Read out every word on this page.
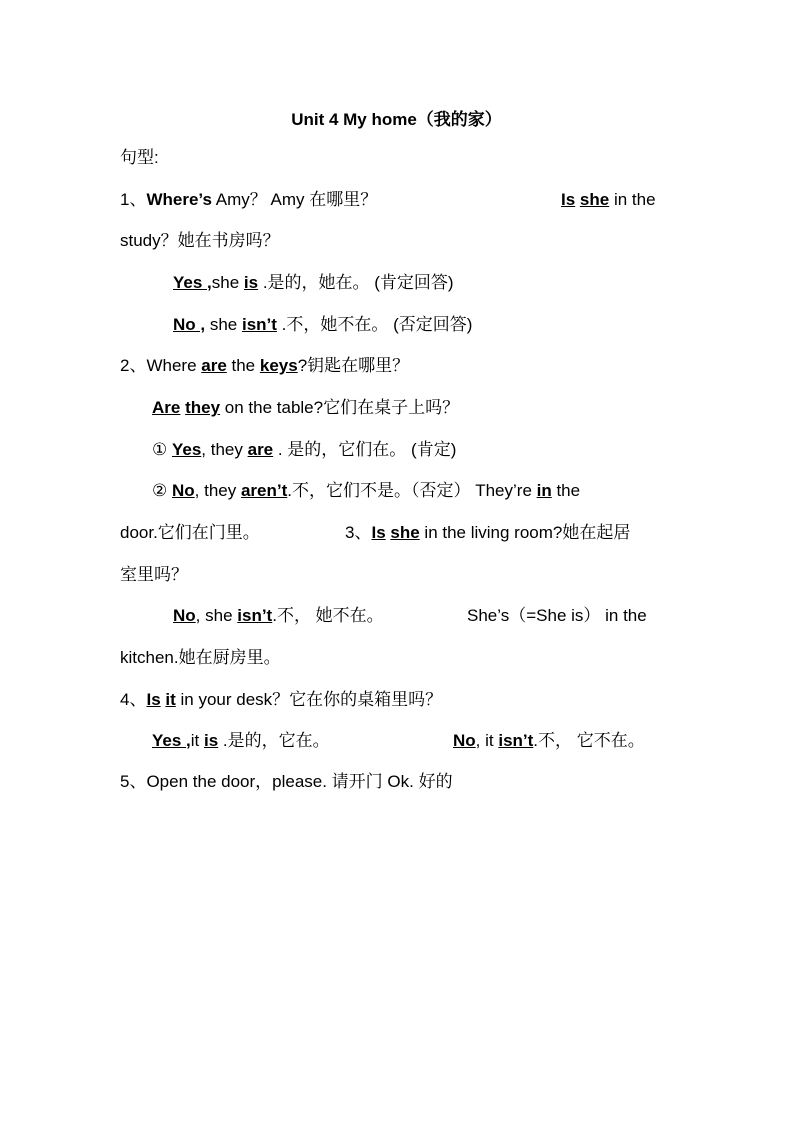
Unit 4 My home（我的家）
句型:
1、Where’s Amy？ Amy 在哪里？	Is she in the
study？她在书房吗？
Yes ,she is .是的，她在。 (肯定回答)
No , she isn’t .不，她不在。 (否定回答)
2、Where are the keys?钥匙在哪里？
Are they on the table?它们在桌子上吗？
① Yes, they are . 是的，它们在。 (肯定)
② No, they aren’t.不，它们不是。（否定） They’re in the
door.它们在门里。	3、Is she in the living room?她在起居
室里吗？
No, she isn’t.不， 她不在。	She’s（=She is） in the
kitchen.她在厨房里。
4、Is it in your desk？它在你的桌箱里吗？
Yes ,it is .是的，它在。	No, it isn’t.不， 它不在。
5、Open the door，please. 请开门 Ok. 好的
